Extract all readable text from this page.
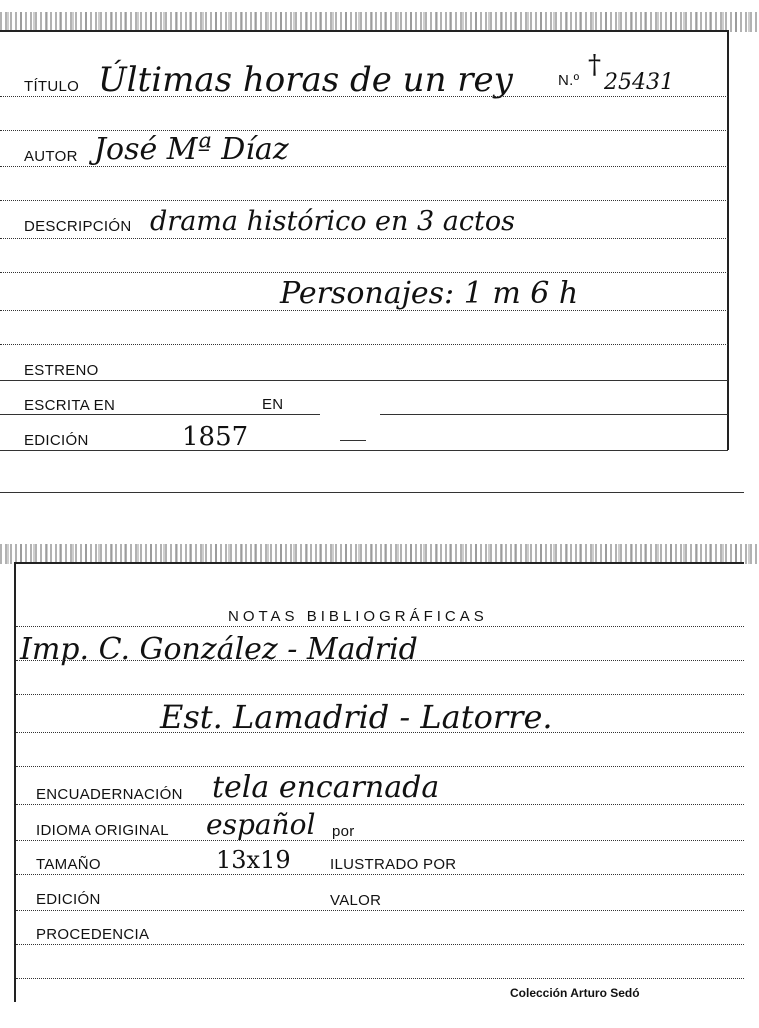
TÍTULO Últimas horas de un rey	N.º
†
25431
AUTOR José Mª Díaz
DESCRIPCIÓN drama histórico en 3 actos
Personajes: 1 m 6 h
ESTRENO
ESCRITA EN	EN
EDICIÓN	1857
NOTAS BIBLIOGRÁFICAS
Imp. C. González - Madrid
Est. Lamadrid - Latorre.
ENCUADERNACIÓN tela encarnada
IDIOMA ORIGINAL español por
TAMAÑO	13x19	ILUSTRADO POR
EDICIÓN	VALOR
PROCEDENCIA
Colección Arturo Sedó
